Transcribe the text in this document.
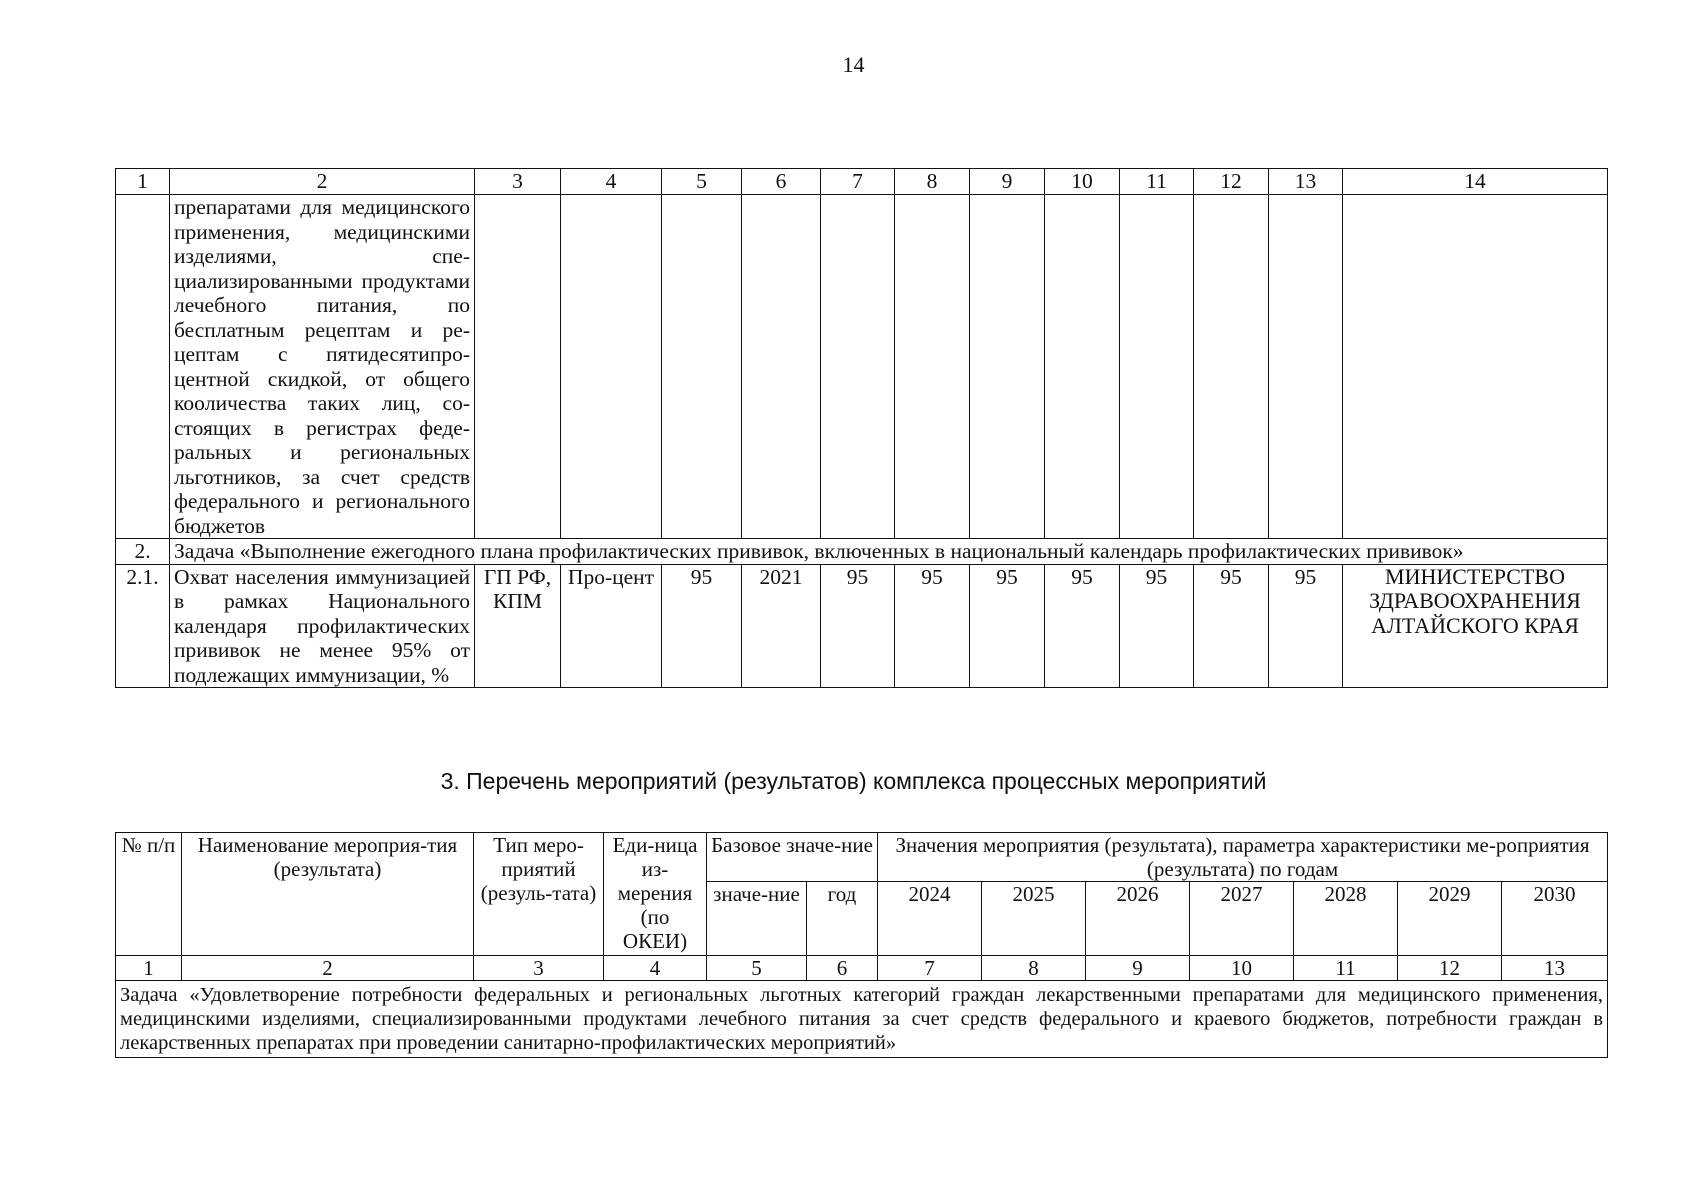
14
1	2	3	4	5	6	7	8	9	10	11	12	13	14
	препаратами для медицинского применения, медицинскими изделиями, специализированными продуктами лечебного питания, по бесплатным рецептам и рецептам с пятидесятипроцентной скидкой, от общего коoличества таких лиц, состоящих в регистрах федеральных и региональных льготников, за счет средств федерального и регионального бюджетов												
2.	Задача «Выполнение ежегодного плана профилактических прививок, включенных в национальный календарь профилактических прививок»												
2.1.	Охват населения иммунизацией в рамках Национального календаря профилактических прививок не менее 95% от подлежащих иммунизации, %	ГП РФ, КПМ	Про-цент	95	2021	95	95	95	95	95	95	95	МИНИСТЕРСТВО ЗДРАВООХРАНЕНИЯ АЛТАЙСКОГО КРАЯ
3. Перечень мероприятий (результатов) комплекса процессных мероприятий
№ п/п	Наименование мероприя-тия (результата)	Тип меро-приятий (резуль-тата)	Еди-ница из-мерения (по ОКЕИ)	Базовое значе-ние		Значения мероприятия (результата), параметра характеристики ме-роприятия (результата) по годам						
				значе-ние	год	2024	2025	2026	2027	2028	2029	2030
1	2	3	4	5	6	7	8	9	10	11	12	13
Задача «Удовлетворение потребности федеральных и региональных льготных категорий граждан лекарственными препаратами для медицинского применения, медицинскими изделиями, специализированными продуктами лечебного питания за счет средств федерального и краевого бюджетов, потребности граждан в лекарственных препаратах при проведении санитарно-профилактических мероприятий»												
